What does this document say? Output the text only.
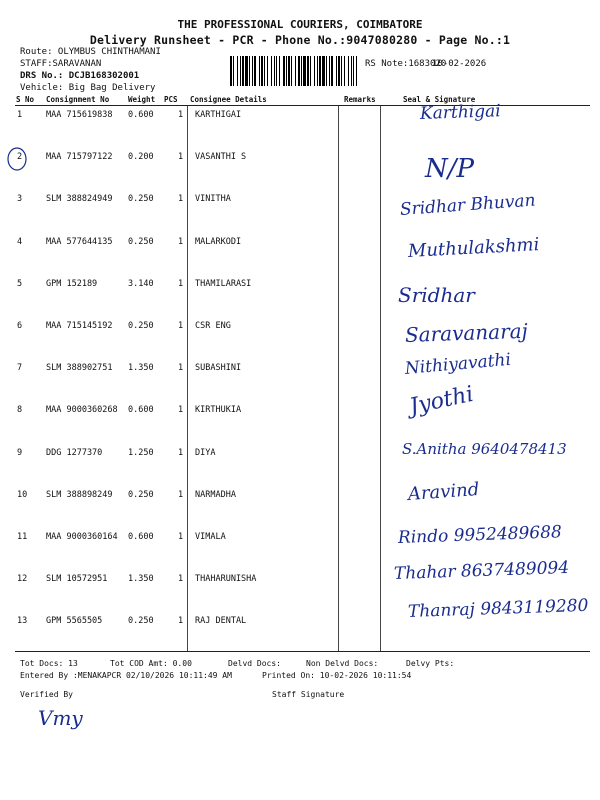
THE PROFESSIONAL COURIERS, COIMBATORE
Delivery Runsheet - PCR - Phone No.:9047080280 - Page No.:1
Route: OLYMBUS CHINTHAMANI
STAFF:SARAVANAN
DRS No.: DCJB168302001
Vehicle: Big Bag Delivery
RS Note:1683020
10-02-2026
S No Consignment No	Weight PCS Consignee Details	Remarks	Seal & Signature
1	MAA 715619838 0.600	1 KARTHIGAI	Karthigai
2	MAA 715797122 0.200	1 VASANTHI S	N/P
3	SLM 388824949 0.250	1 VINITHA	Sridhar Bhuvan
4	MAA 577644135 0.250	1 MALARKODI	Muthulakshmi
5	GPM 152189	3.140	1 THAMILARASI	Sridhar
6	MAA 715145192 0.250	1 CSR ENG	Saravanaraj
7	SLM 388902751 1.350	1 SUBASHINI	Nithiyavathi
8	MAA 9000360268 0.600	1 KIRTHUKIA	Jyothi
9	DDG 1277370	1.250	1 DIYA	S.Anitha 9640478413
10 SLM 388898249 0.250	1 NARMADHA	Aravind
11 MAA 9000360164 0.600	1 VIMALA	Rindo 9952489688
12 SLM 10572951 1.350	1 THAHARUNISHA	Thahar 8637489094
13 GPM 5565505	0.250	1 RAJ DENTAL	Thanraj 9843119280
Tot Docs: 13	Tot COD Amt: 0.00	Delvd Docs:	Non Delvd Docs:	Delvy Pts:
Entered By :MENAKAPCR 02/10/2026 10:11:49 AM	Printed On: 10-02-2026 10:11:54
Verified By	Staff Signature
Vmy
